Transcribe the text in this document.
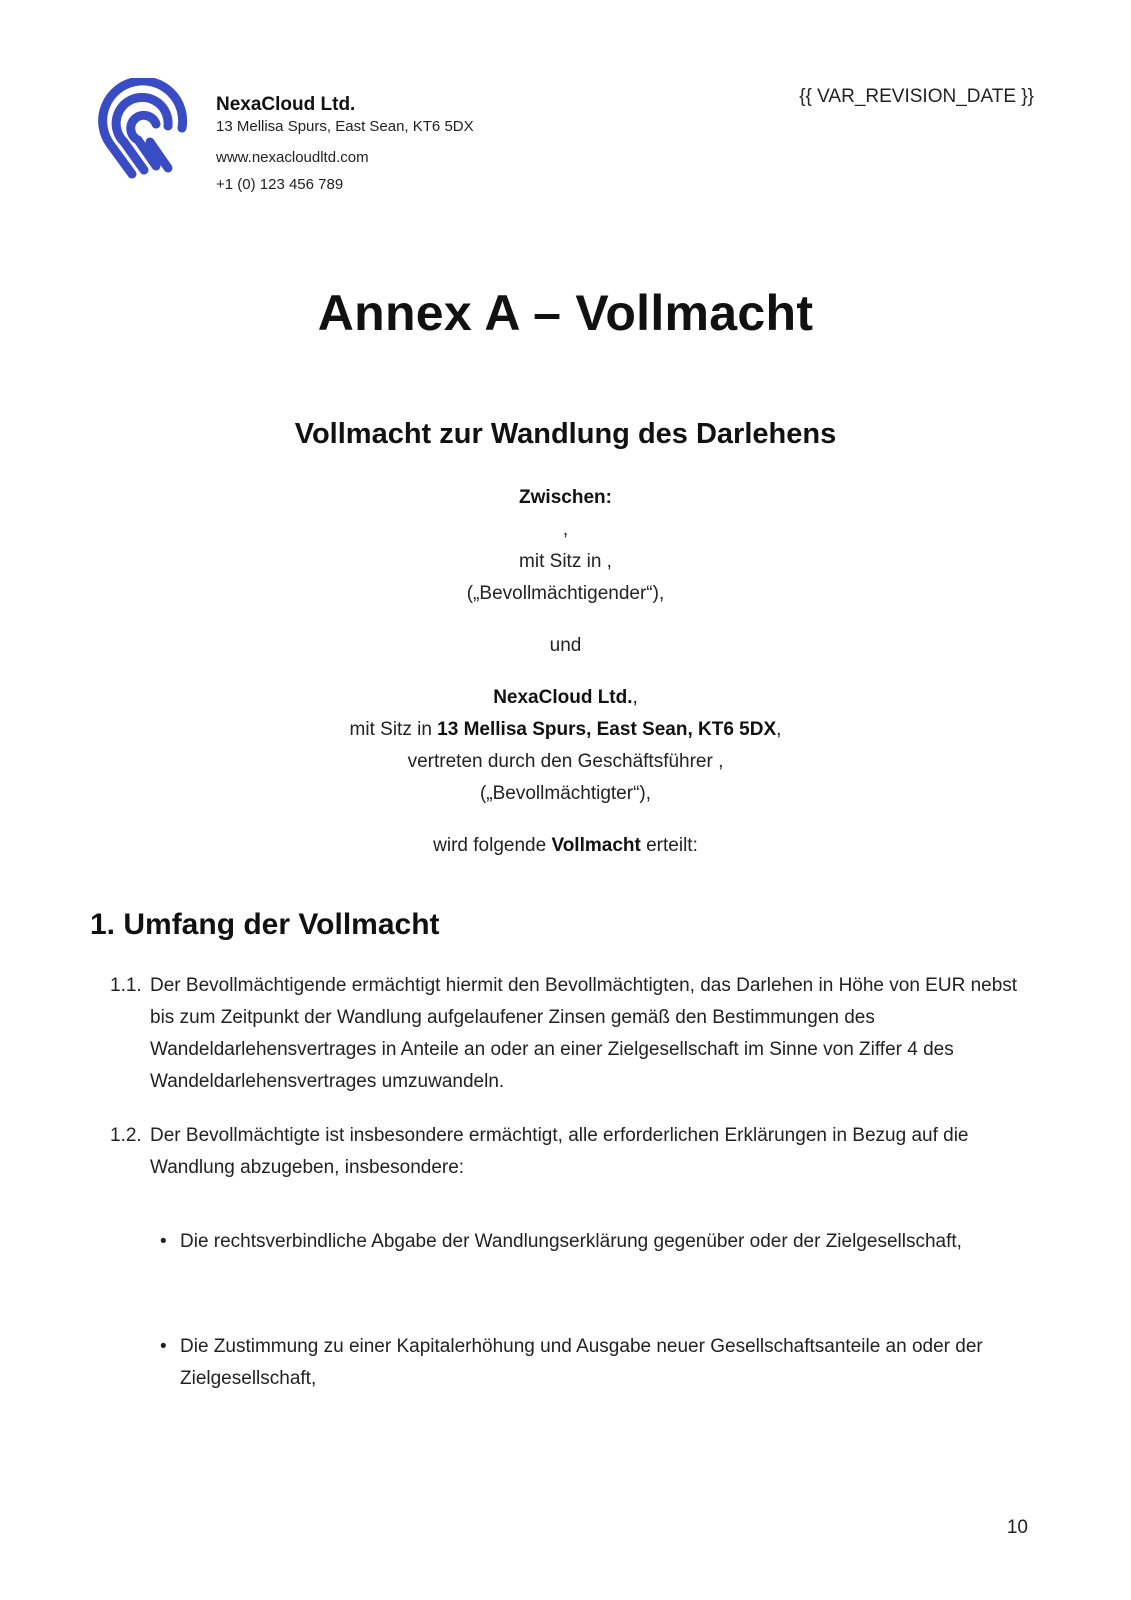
NexaCloud Ltd.
13 Mellisa Spurs, East Sean, KT6 5DX
www.nexacloudltd.com
+1 (0) 123 456 789
{{ VAR_REVISION_DATE }}
Annex A – Vollmacht
Vollmacht zur Wandlung des Darlehens
Zwischen:
,
mit Sitz in ,
(„Bevollmächtigender“),
und
NexaCloud Ltd.,
mit Sitz in 13 Mellisa Spurs, East Sean, KT6 5DX,
vertreten durch den Geschäftsführer ,
(„Bevollmächtigter“),
wird folgende Vollmacht erteilt:
1. Umfang der Vollmacht
1.1. Der Bevollmächtigende ermächtigt hiermit den Bevollmächtigten, das Darlehen in Höhe von EUR nebst bis zum Zeitpunkt der Wandlung aufgelaufener Zinsen gemäß den Bestimmungen des Wandeldarlehensvertrages in Anteile an oder an einer Zielgesellschaft im Sinne von Ziffer 4 des Wandeldarlehensvertrages umzuwandeln.
1.2. Der Bevollmächtigte ist insbesondere ermächtigt, alle erforderlichen Erklärungen in Bezug auf die Wandlung abzugeben, insbesondere:
• Die rechtsverbindliche Abgabe der Wandlungserklärung gegenüber oder der Zielgesellschaft,
• Die Zustimmung zu einer Kapitalerhöhung und Ausgabe neuer Gesellschaftsanteile an oder der Zielgesellschaft,
10
